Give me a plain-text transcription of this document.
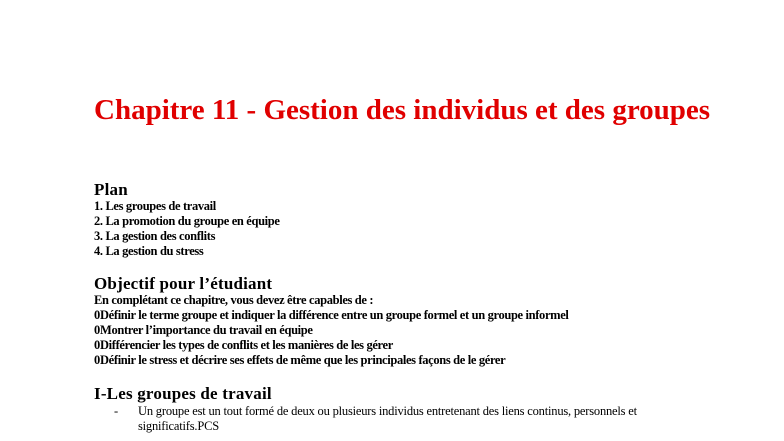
Chapitre 11 - Gestion des individus et des groupes
Plan
1. Les groupes de travail
2. La promotion du groupe en équipe
3. La gestion des conflits
4. La gestion du stress
Objectif pour l’étudiant

En complétant ce chapitre, vous devez être capables de :

0Définir le terme groupe et indiquer la différence entre un groupe formel et un groupe informel
0Montrer l’importance du travail en équipe
0Différencier les types de conflits et les manières de les gérer
0Définir le stress et décrire ses effets de même que les principales façons de le gérer
I-Les groupes de travail
- Un groupe est un tout formé de deux ou plusieurs individus entretenant des liens continus, personnels et significatifs.PCS
